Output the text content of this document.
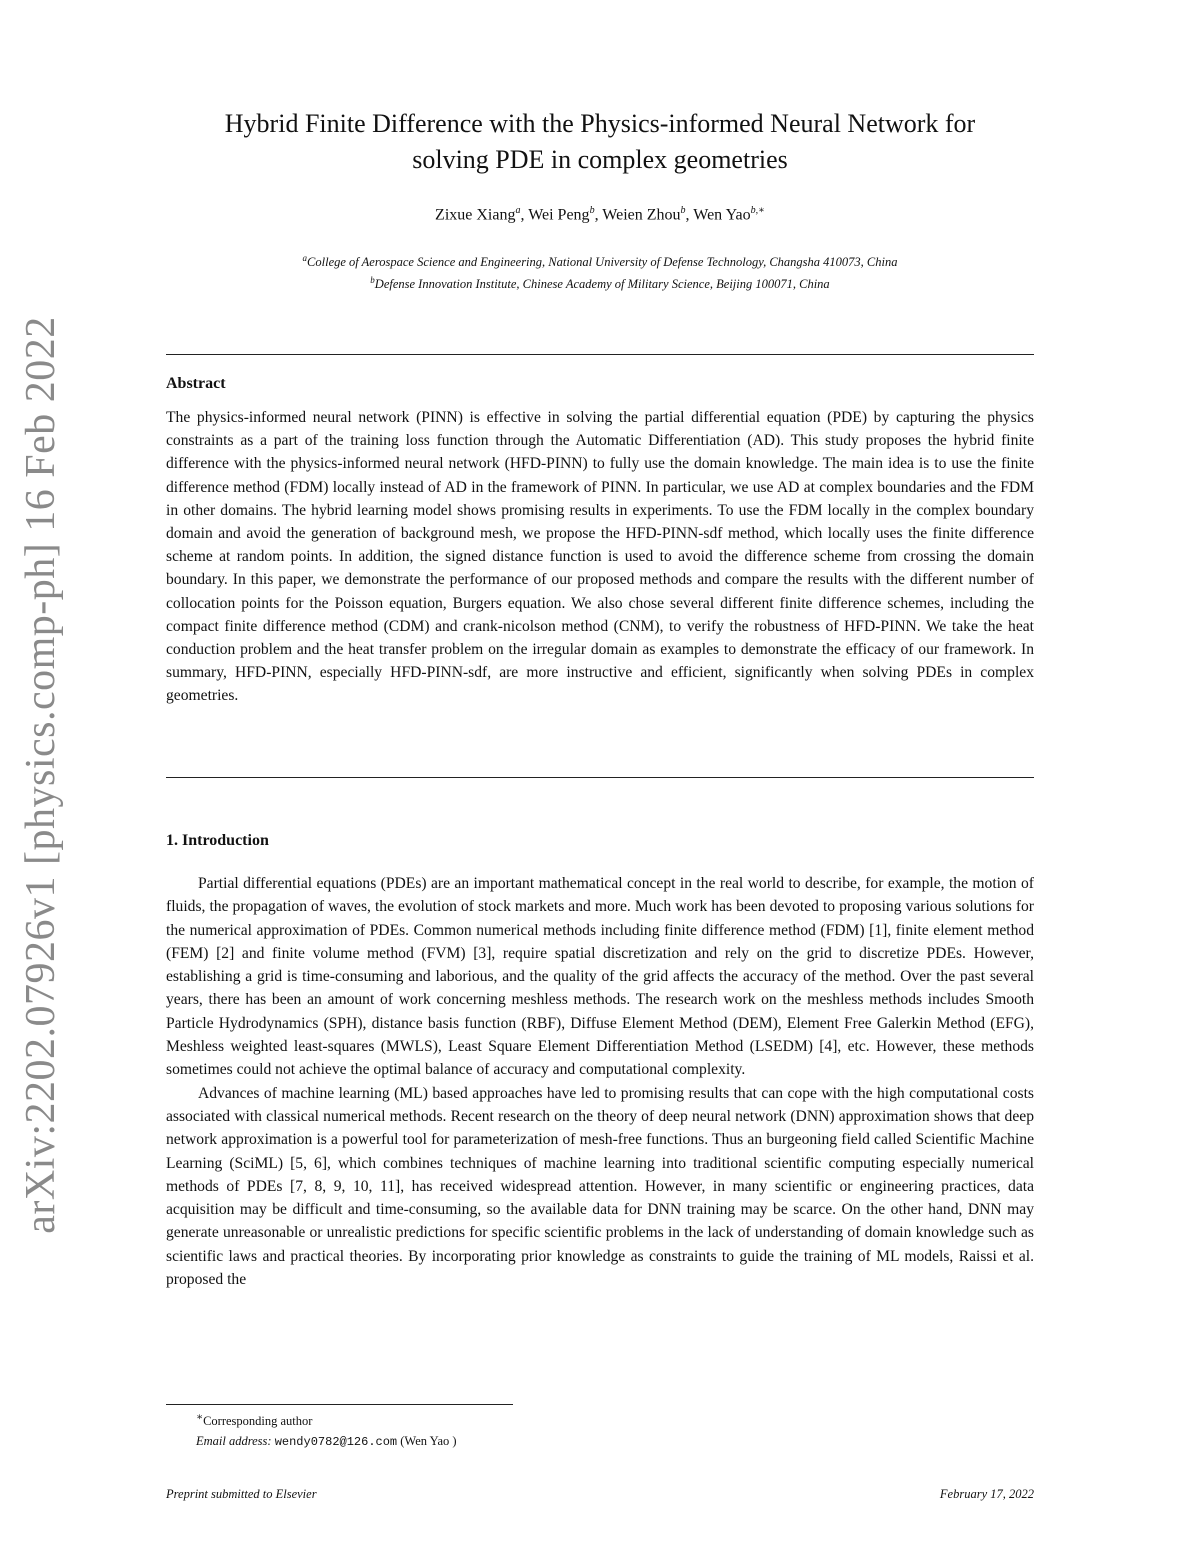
arXiv:2202.07926v1 [physics.comp-ph] 16 Feb 2022
Hybrid Finite Difference with the Physics-informed Neural Network for
solving PDE in complex geometries
Zixue Xiang$^a$, Wei Peng$^b$, Weien Zhou$^b$, Wen Yao$^{b,∗}$
$^a$College of Aerospace Science and Engineering, National University of Defense Technology, Changsha 410073, China
$^b$Defense Innovation Institute, Chinese Academy of Military Science, Beijing 100071, China
Abstract
The physics-informed neural network (PINN) is effective in solving the partial differential equation (PDE) by capturing the physics constraints as a part of the training loss function through the Automatic Differentiation (AD). This study proposes the hybrid finite difference with the physics-informed neural network (HFD-PINN) to fully use the domain knowledge. The main idea is to use the finite difference method (FDM) locally instead of AD in the framework of PINN. In particular, we use AD at complex boundaries and the FDM in other domains. The hybrid learning model shows promising results in experiments. To use the FDM locally in the complex boundary domain and avoid the generation of background mesh, we propose the HFD-PINN-sdf method, which locally uses the finite difference scheme at random points. In addition, the signed distance function is used to avoid the difference scheme from crossing the domain boundary. In this paper, we demonstrate the performance of our proposed methods and compare the results with the different number of collocation points for the Poisson equation, Burgers equation. We also chose several different finite difference schemes, including the compact finite difference method (CDM) and crank-nicolson method (CNM), to verify the robustness of HFD-PINN. We take the heat conduction problem and the heat transfer problem on the irregular domain as examples to demonstrate the efficacy of our framework. In summary, HFD-PINN, especially HFD-PINN-sdf, are more instructive and efficient, significantly when solving PDEs in complex geometries.
1. Introduction

Partial differential equations (PDEs) are an important mathematical concept in the real world to describe, for example, the motion of fluids, the propagation of waves, the evolution of stock markets and more. Much work has been devoted to proposing various solutions for the numerical approximation of PDEs. Common numerical methods including finite difference method (FDM) [1], finite element method (FEM) [2] and finite volume method (FVM) [3], require spatial discretization and rely on the grid to discretize PDEs. However, establishing a grid is time-consuming and laborious, and the quality of the grid affects the accuracy of the method. Over the past several years, there has been an amount of work concerning meshless methods. The research work on the meshless methods includes Smooth Particle Hydrodynamics (SPH), distance basis function (RBF), Diffuse Element Method (DEM), Element Free Galerkin Method (EFG), Meshless weighted least-squares (MWLS), Least Square Element Differentiation Method (LSEDM) [4], etc. However, these methods sometimes could not achieve the optimal balance of accuracy and computational complexity.

Advances of machine learning (ML) based approaches have led to promising results that can cope with the high computational costs associated with classical numerical methods. Recent research on the theory of deep neural network (DNN) approximation shows that deep network approximation is a powerful tool for parameterization of mesh-free functions. Thus an burgeoning field called Scientific Machine Learning (SciML) [5, 6], which combines techniques of machine learning into traditional scientific computing especially numerical methods of PDEs [7, 8, 9, 10, 11], has received widespread attention. However, in many scientific or engineering practices, data acquisition may be difficult and time-consuming, so the available data for DNN training may be scarce. On the other hand, DNN may generate unreasonable or unrealistic predictions for specific scientific problems in the lack of understanding of domain knowledge such as scientific laws and practical theories. By incorporating prior knowledge as constraints to guide the training of ML models, Raissi et al. proposed the

∗Corresponding author
Email address: wendy0782@126.com (Wen Yao )
Preprint submitted to Elsevier	February 17, 2022
